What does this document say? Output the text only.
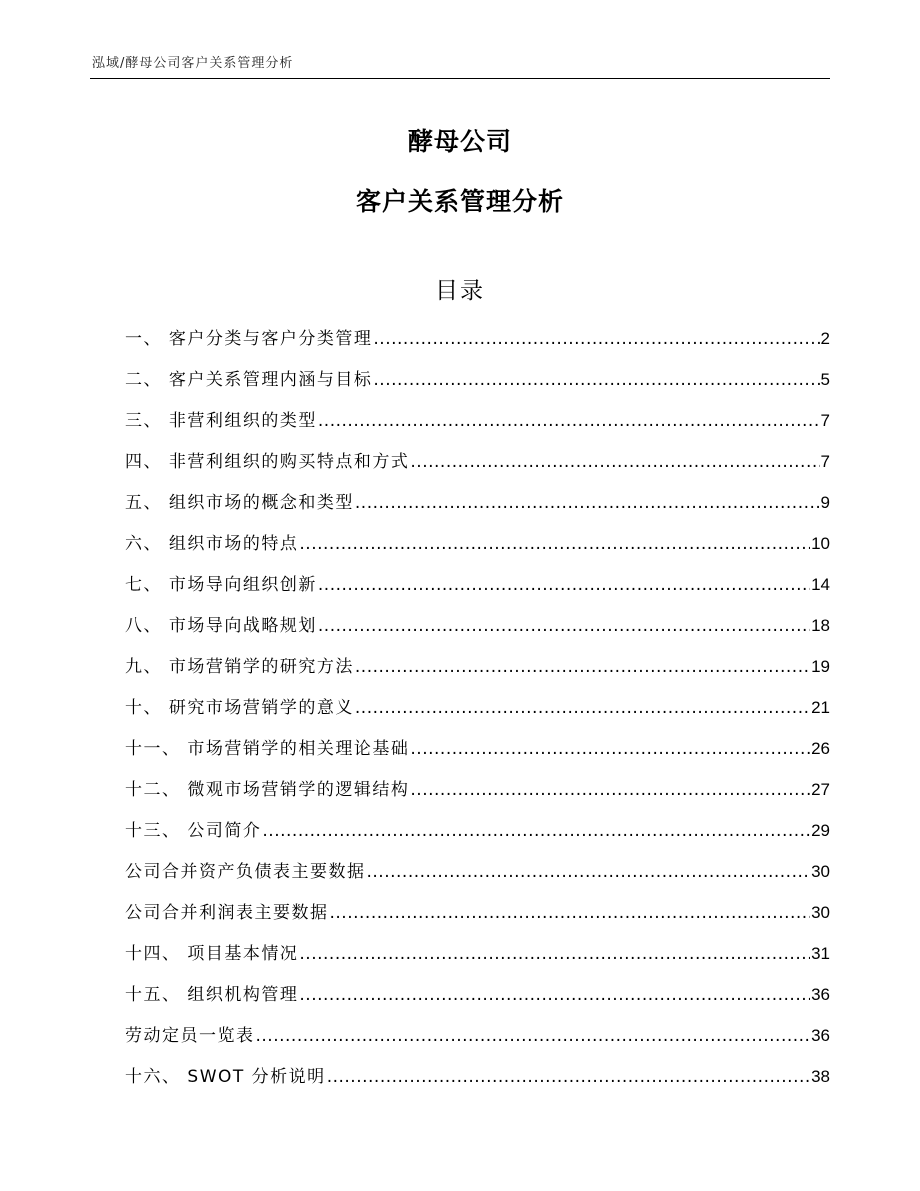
泓域/酵母公司客户关系管理分析
酵母公司
客户关系管理分析
目录
一、 客户分类与客户分类管理 .....	2
二、 客户关系管理内涵与目标 .....	5
三、 非营利组织的类型 .....	7
四、 非营利组织的购买特点和方式 .....	7
五、 组织市场的概念和类型 .....	9
六、 组织市场的特点 .....	10
七、 市场导向组织创新 .....	14
八、 市场导向战略规划 .....	18
九、 市场营销学的研究方法 .....	19
十、 研究市场营销学的意义 .....	21
十一、 市场营销学的相关理论基础 .....	26
十二、 微观市场营销学的逻辑结构 .....	27
十三、 公司简介 .....	29
公司合并资产负债表主要数据 .....	30
公司合并利润表主要数据 .....	30
十四、 项目基本情况 .....	31
十五、 组织机构管理 .....	36
劳动定员一览表 .....	36
十六、 SWOT 分析说明 .....	38
